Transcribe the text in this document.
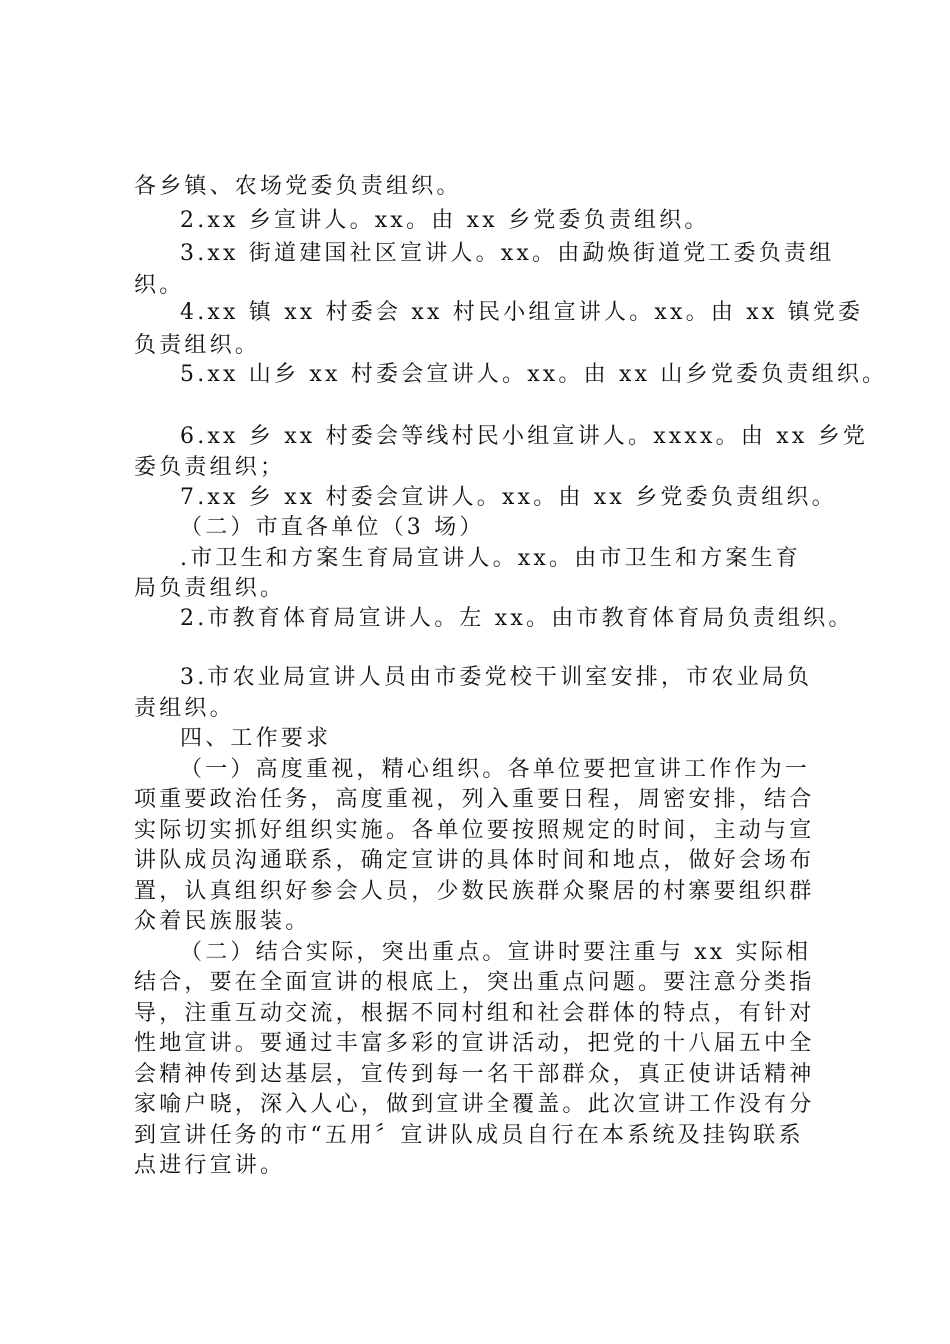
各乡镇、农场党委负责组织。
2.xx 乡宣讲人。xx。由 xx 乡党委负责组织。
3.xx 街道建国社区宣讲人。xx。由勐焕街道党工委负责组
织。
4.xx 镇 xx 村委会 xx 村民小组宣讲人。xx。由 xx 镇党委
负责组织。
5.xx 山乡 xx 村委会宣讲人。xx。由 xx 山乡党委负责组织。
6.xx 乡 xx 村委会等线村民小组宣讲人。xxxx。由 xx 乡党
委负责组织；
7.xx 乡 xx 村委会宣讲人。xx。由 xx 乡党委负责组织。
（二）市直各单位（3 场）
.市卫生和方案生育局宣讲人。xx。由市卫生和方案生育
局负责组织。
2.市教育体育局宣讲人。左 xx。由市教育体育局负责组织。
3.市农业局宣讲人员由市委党校干训室安排，市农业局负
责组织。
四、工作要求
（一）高度重视，精心组织。各单位要把宣讲工作作为一
项重要政治任务，高度重视，列入重要日程，周密安排，结合
实际切实抓好组织实施。各单位要按照规定的时间，主动与宣
讲队成员沟通联系，确定宣讲的具体时间和地点，做好会场布
置，认真组织好参会人员，少数民族群众聚居的村寨要组织群
众着民族服装。
（二）结合实际，突出重点。宣讲时要注重与 xx 实际相
结合，要在全面宣讲的根底上，突出重点问题。要注意分类指
导，注重互动交流，根据不同村组和社会群体的特点，有针对
性地宣讲。要通过丰富多彩的宣讲活动，把党的十八届五中全
会精神传到达基层，宣传到每一名干部群众，真正使讲话精神
家喻户晓，深入人心，做到宣讲全覆盖。此次宣讲工作没有分
到宣讲任务的市“五用〞宣讲队成员自行在本系统及挂钩联系
点进行宣讲。
